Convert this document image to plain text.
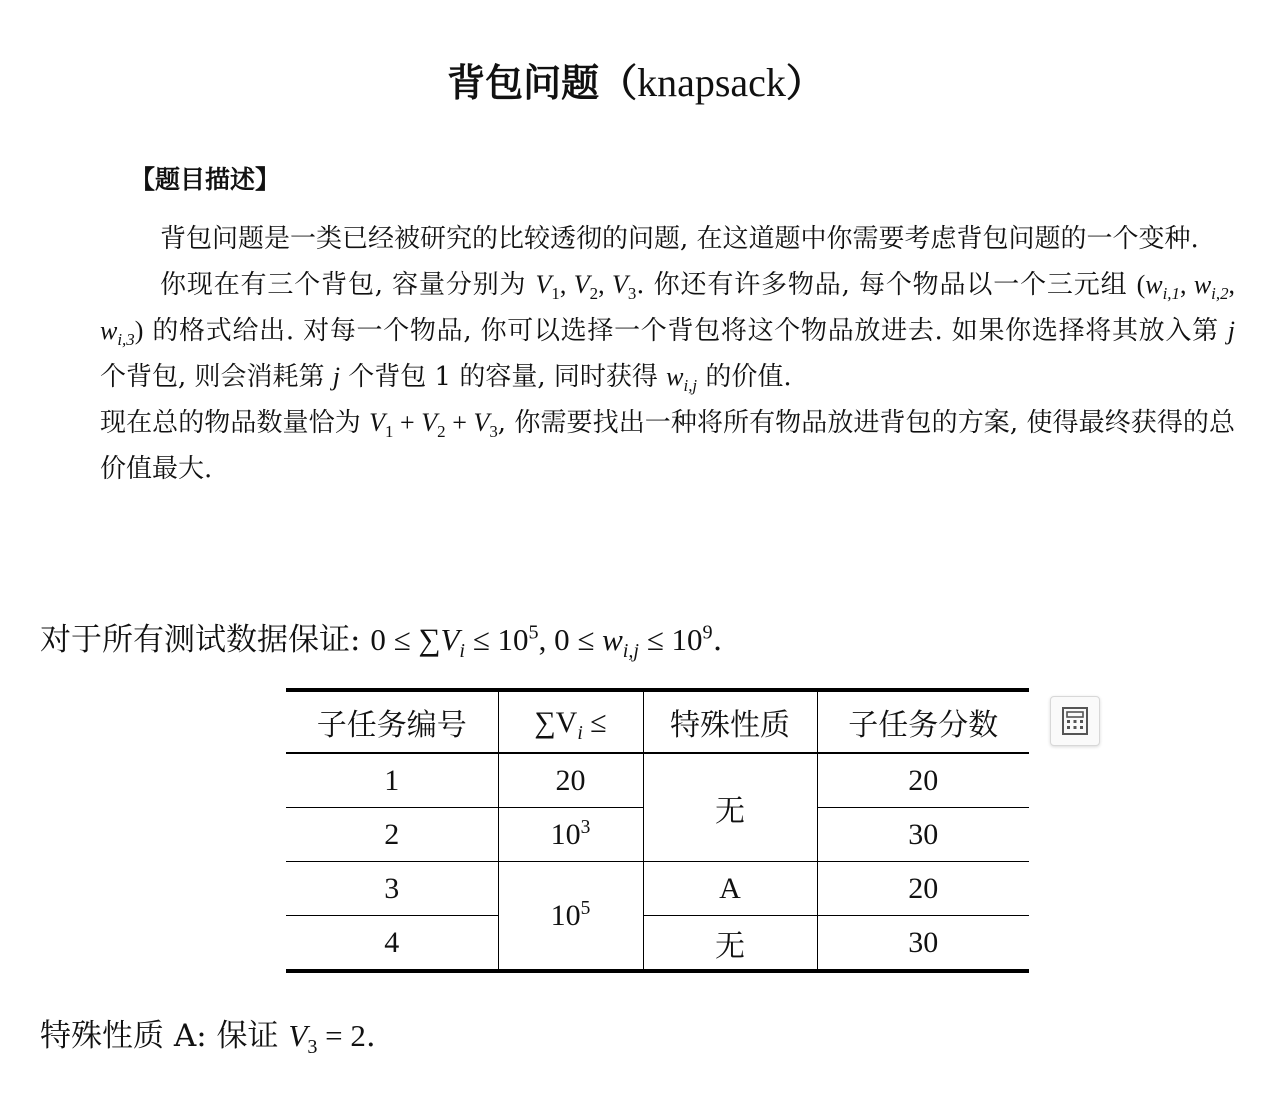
背包问题（knapsack）
【题目描述】

背包问题是一类已经被研究的比较透彻的问题, 在这道题中你需要考虑背包问题的一个变种.

你现在有三个背包, 容量分别为 $V_1$, $V_2$, $V_3$. 你还有许多物品, 每个物品以一个三元组 ($w_{i,1}$, $w_{i,2}$, $w_{i,3}$) 的格式给出. 对每一个物品, 你可以选择一个背包将这个物品放进去. 如果你选择将其放入第 j 个背包, 则会消耗第 j 个背包 1 的容量, 同时获得 $w_{i,j}$ 的价值.

现在总的物品数量恰为 $V_1 + V_2 + V_3$, 你需要找出一种将所有物品放进背包的方案, 使得最终获得的总价值最大.

对于所有测试数据保证: $0 \le \sum V_i \le 10^5$, $0 \le w_{i,j} \le 10^9$.
子任务编号	$\sum V_i$ ≤	特殊性质	子任务分数
1	20	无	20
2	$10^3$		30
3	$10^5$	A	20
4		无	30
特殊性质 A: 保证 $V_3 = 2$.
